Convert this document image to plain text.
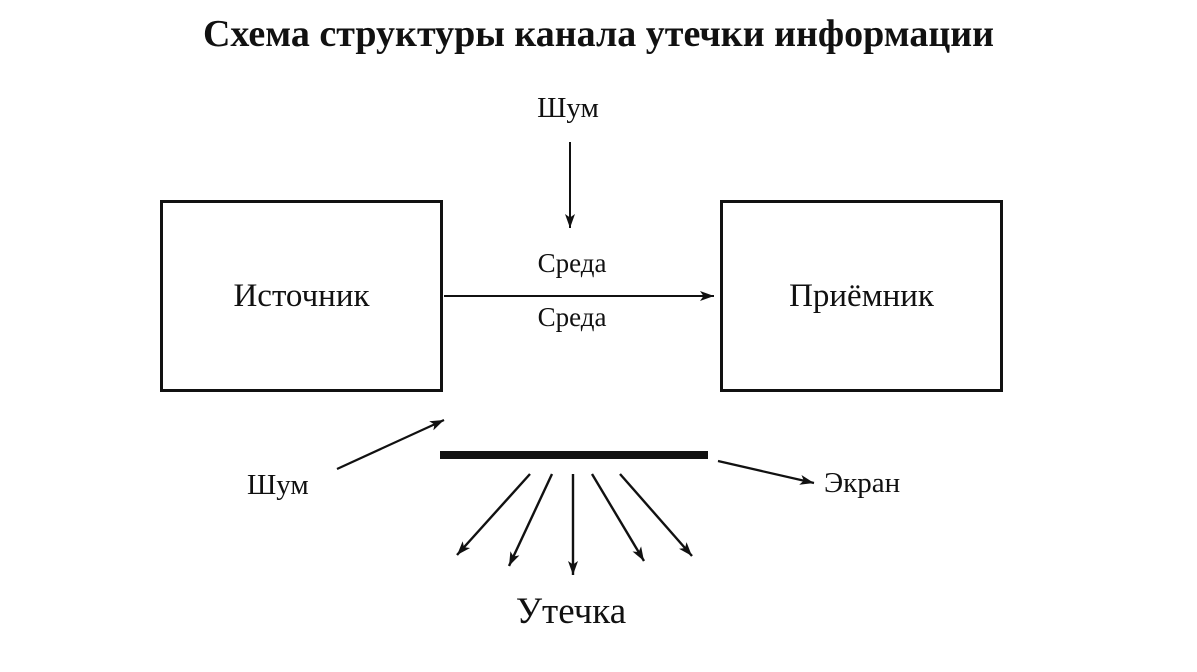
Схема структуры канала утечки информации
Источник	Приёмник
Шум
Среда
Среда
Шум	Экран
Утечка
